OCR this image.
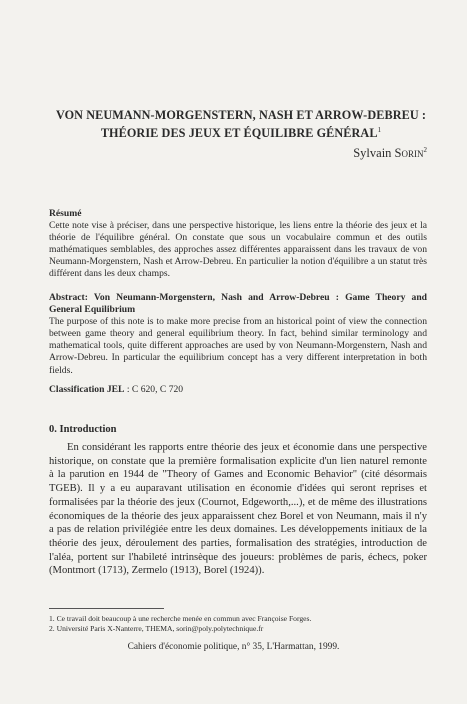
VON NEUMANN-MORGENSTERN, NASH ET ARROW-DEBREU :
THÉORIE DES JEUX ET ÉQUILIBRE GÉNÉRAL$^1$
Sylvain Sorin$^2$
Résumé
Cette note vise à préciser, dans une perspective historique, les liens entre la théorie des jeux et la théorie de l'équilibre général. On constate que sous un vocabulaire commun et des outils mathématiques semblables, des approches assez différentes apparaissent dans les travaux de von Neumann-Morgenstern, Nash et Arrow-Debreu. En particulier la notion d'équilibre a un statut très différent dans les deux champs.
Abstract: Von Neumann-Morgenstern, Nash and Arrow-Debreu : Game Theory and General Equilibrium
The purpose of this note is to make more precise from an historical point of view the connection between game theory and general equilibrium theory. In fact, behind similar terminology and mathematical tools, quite different approaches are used by von Neumann-Morgenstern, Nash and Arrow-Debreu. In particular the equilibrium concept has a very different interpretation in both fields.
Classification JEL : C 620, C 720
0. Introduction
En considérant les rapports entre théorie des jeux et économie dans une perspective historique, on constate que la première formalisation explicite d'un lien naturel remonte à la parution en 1944 de "Theory of Games and Economic Behavior" (cité désormais TGEB). Il y a eu auparavant utilisation en économie d'idées qui seront reprises et formalisées par la théorie des jeux (Cournot, Edgeworth,...), et de même des illustrations économiques de la théorie des jeux apparaissent chez Borel et von Neumann, mais il n'y a pas de relation privilégiée entre les deux domaines. Les développements initiaux de la théorie des jeux, déroulement des parties, formalisation des stratégies, introduction de l'aléa, portent sur l'habileté intrinsèque des joueurs: problèmes de paris, échecs, poker (Montmort (1713), Zermelo (1913), Borel (1924)).
1. Ce travail doit beaucoup à une recherche menée en commun avec Françoise Forges.
2. Université Paris X-Nanterre, THEMA, sorin@poly.polytechnique.fr
Cahiers d'économie politique, n° 35, L'Harmattan, 1999.
